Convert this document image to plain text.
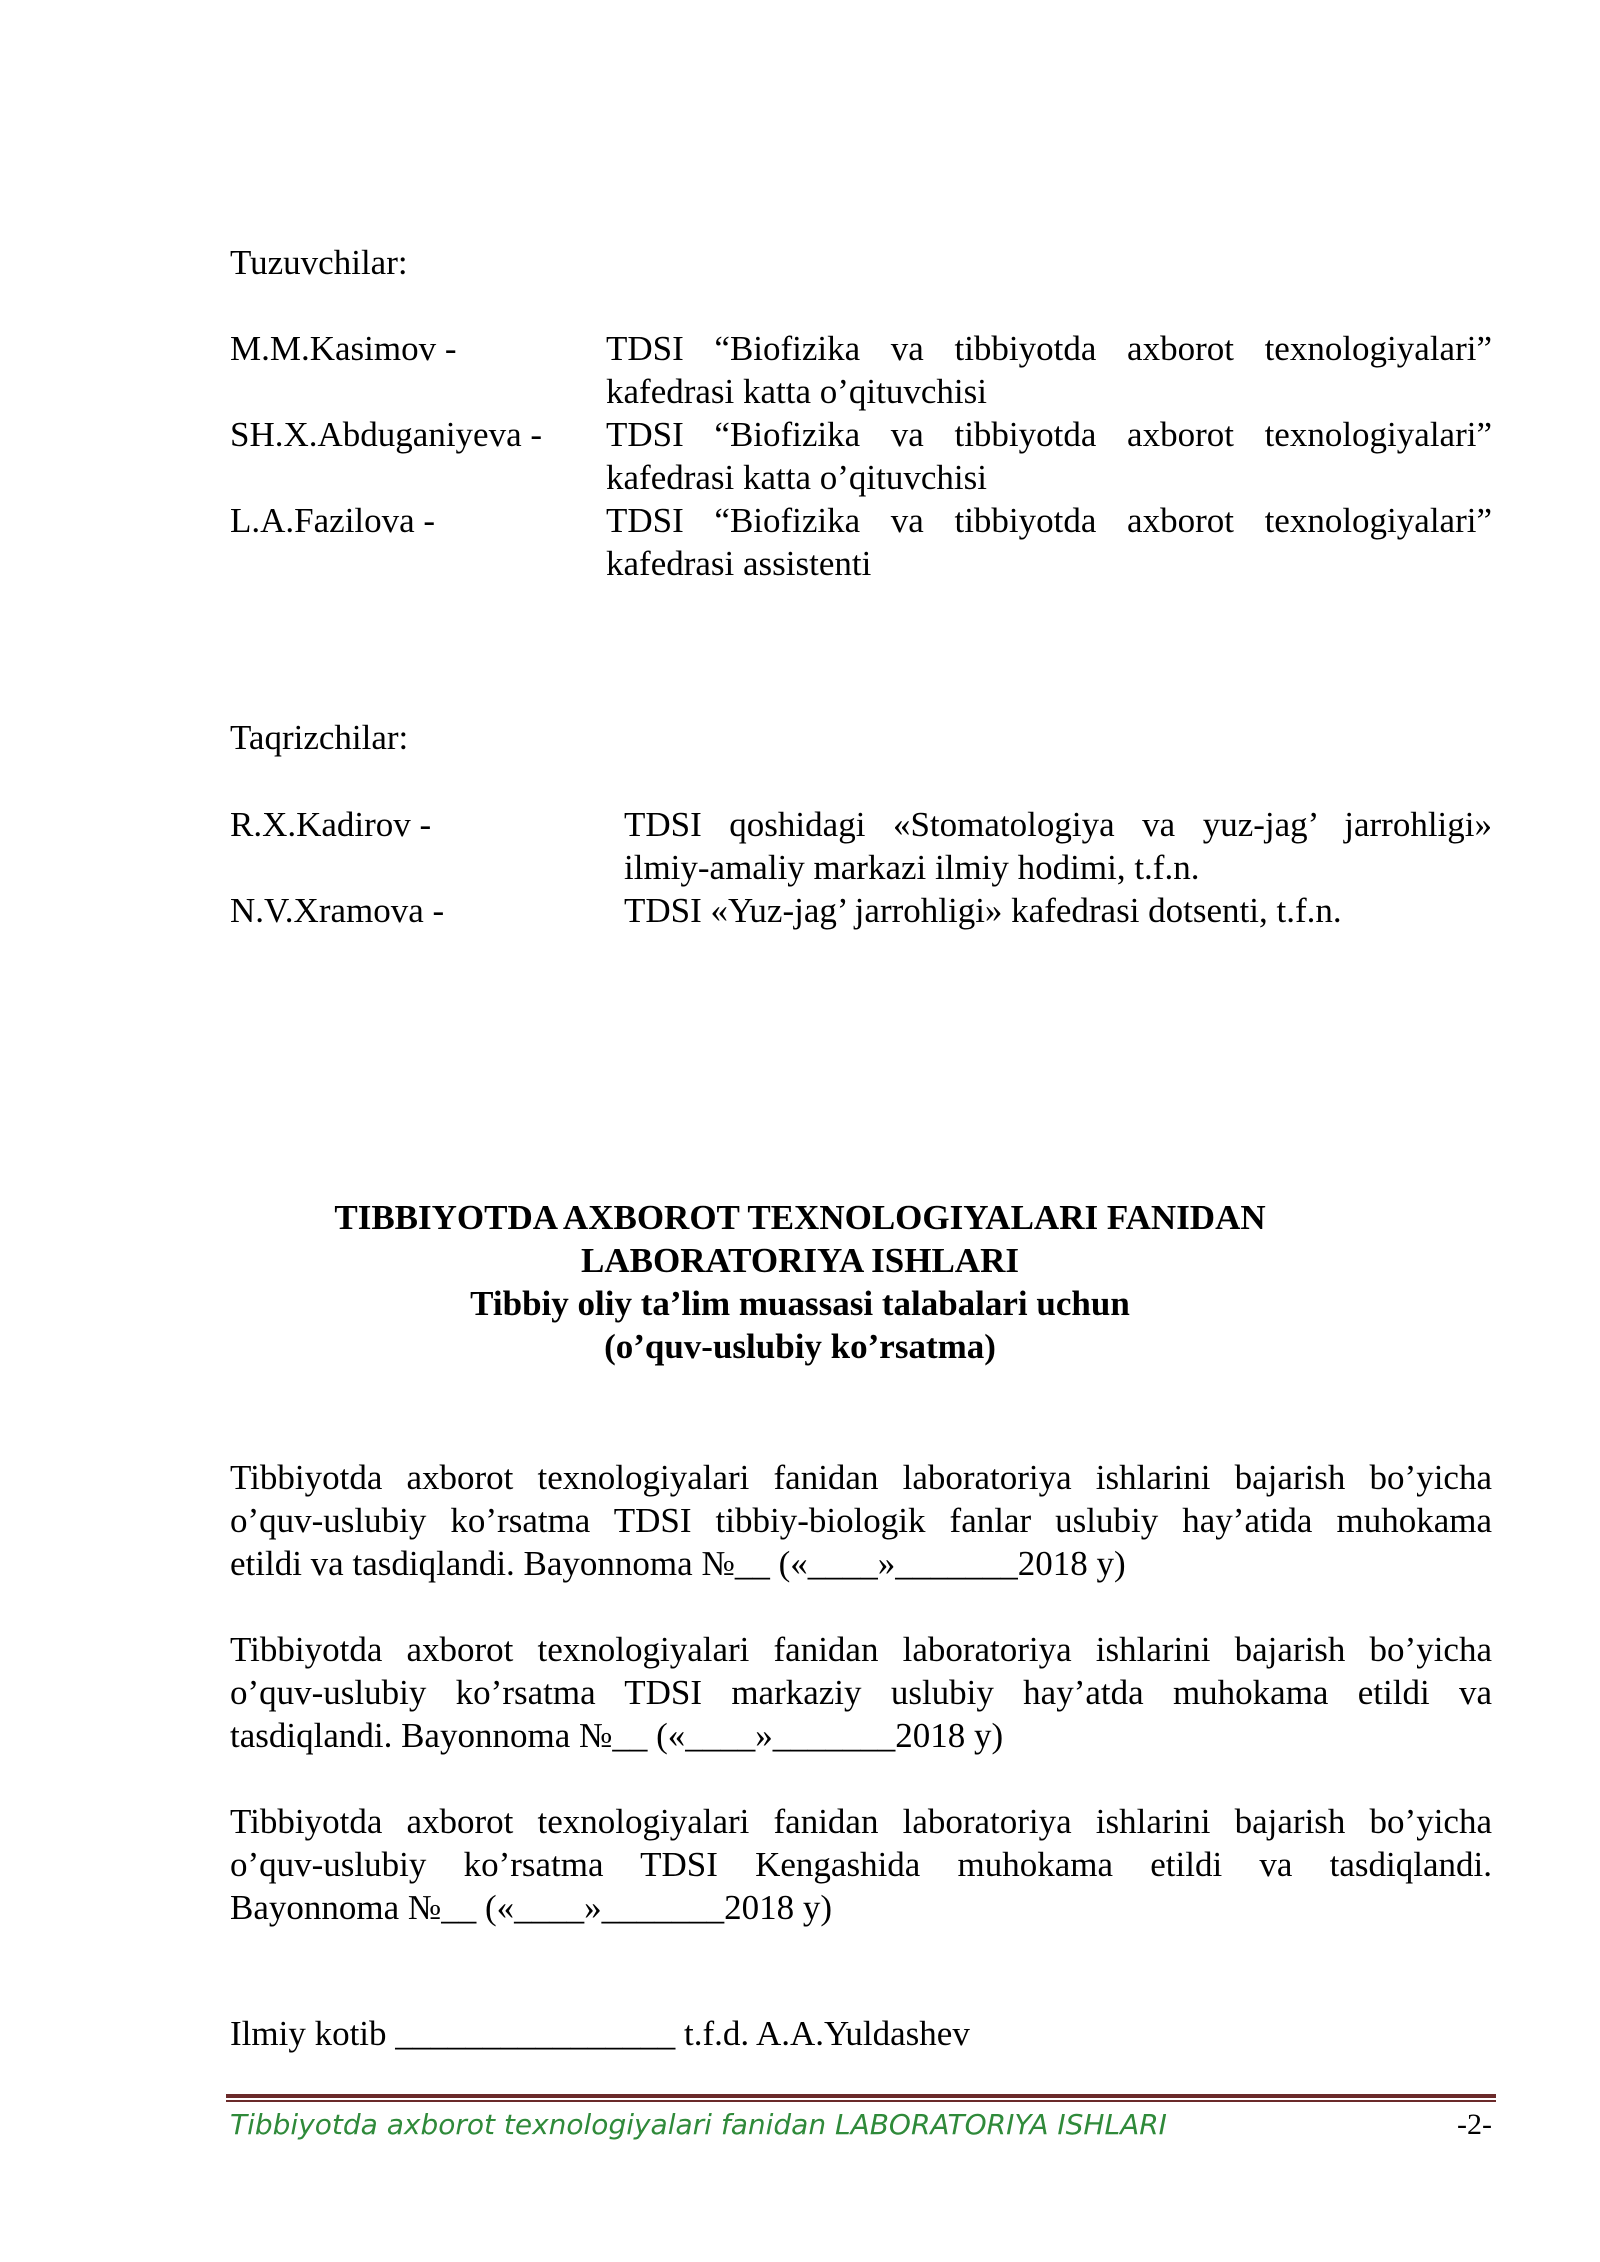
Tuzuvchilar:
M.M.Kasimov -	TDSI “Biofizika va tibbiyotda axborot texnologiyalari”
kafedrasi katta o’qituvchisi
SH.X.Abduganiyeva - TDSI “Biofizika va tibbiyotda axborot texnologiyalari”
kafedrasi katta o’qituvchisi
L.A.Fazilova -	TDSI “Biofizika va tibbiyotda axborot texnologiyalari”
kafedrasi assistenti
Taqrizchilar:
R.X.Kadirov -	TDSI qoshidagi «Stomatologiya va yuz-jag’ jarrohligi»
ilmiy-amaliy markazi ilmiy hodimi, t.f.n.
N.V.Xramova -	TDSI «Yuz-jag’ jarrohligi» kafedrasi dotsenti, t.f.n.
TIBBIYOTDA AXBOROT TEXNOLOGIYALARI FANIDAN
LABORATORIYA ISHLARI
Tibbiy oliy ta’lim muassasi talabalari uchun
(o’quv-uslubiy ko’rsatma)
Tibbiyotda axborot texnologiyalari fanidan laboratoriya ishlarini bajarish bo’yicha
o’quv-uslubiy ko’rsatma TDSI tibbiy-biologik fanlar uslubiy hay’atida muhokama
etildi va tasdiqlandi. Bayonnoma №__ («____»_______2018 y)
Tibbiyotda axborot texnologiyalari fanidan laboratoriya ishlarini bajarish bo’yicha
o’quv-uslubiy ko’rsatma TDSI markaziy uslubiy hay’atda muhokama etildi va
tasdiqlandi. Bayonnoma №__ («____»_______2018 y)
Tibbiyotda axborot texnologiyalari fanidan laboratoriya ishlarini bajarish bo’yicha
o’quv-uslubiy ko’rsatma TDSI Kengashida muhokama etildi va tasdiqlandi.
Bayonnoma №__ («____»_______2018 y)
Ilmiy kotib ________________ t.f.d. A.A.Yuldashev
Tibbiyotda axborot texnologiyalari fanidan LABORATORIYA ISHLARI	-2-
